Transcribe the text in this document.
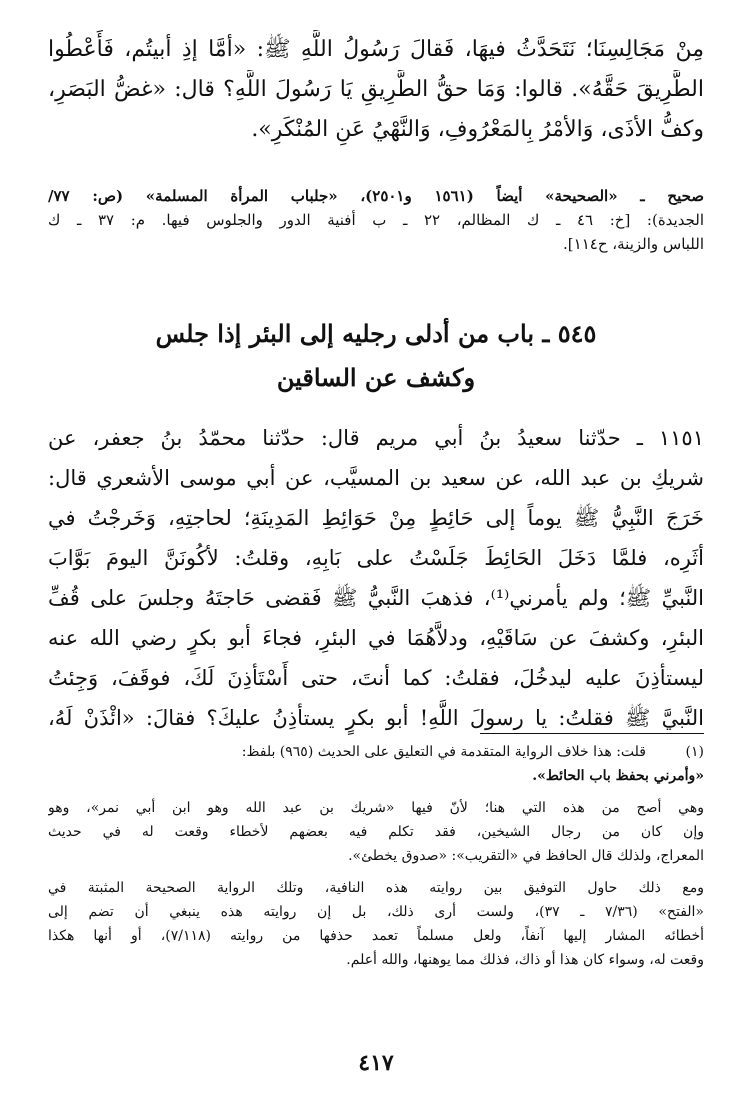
مِنْ مَجَالِسِنَا؛ نَتَحَدَّثُ فيهَا، فَقالَ رَسُولُ اللَّهِ ﷺ: «أمَّا إذِ أبيتُم، فَأَعْطُوا
الطَّرِيقَ حَقَّهُ». قالوا: وَمَا حقُّ الطَّرِيقِ يَا رَسُولَ اللَّهِ؟ قال: «غضُّ البَصَرِ،
وكفُّ الأذَى، وَالأمْرُ بِالمَعْرُوفِ، وَالنَّهْيُ عَنِ المُنْكَرِ».
صحيح ـ «الصحيحة» أيضاً (١٥٦١ و٢٥٠١)، «جلباب المرأة المسلمة» (ص: ٧٧/
الجديدة): [خ: ٤٦ ـ ك المظالم، ٢٢ ـ ب أفنية الدور والجلوس فيها. م: ٣٧ ـ ك
اللباس والزينة، ح١١٤].
٥٤٥ ـ باب من أدلى رجليه إلى البئر إذا جلس
وكشف عن الساقين
١١٥١ ـ حدّثنا سعيدُ بنُ أبي مريم قال: حدّثنا محمّدُ بنُ جعفر، عن
شريكِ بن عبد الله، عن سعيد بن المسيَّب، عن أبي موسى الأشعري قال:
خَرَجَ النَّبِيُّ ﷺ يوماً إلى حَائِطٍ مِنْ حَوَائِطِ المَدِينَةِ؛ لحاجتِهِ، وَخَرجْتُ في
أثَرِه، فلمَّا دَخَلَ الحَائِطَ جَلَسْتُ على بَابِهِ، وقلتُ: لأكُونَنَّ اليومَ بَوَّابَ
النَّبيِّ ﷺ؛ ولم يأمرني⁽¹⁾، فذهبَ النَّبيُّ ﷺ فَقضى حَاجتَهُ وجلسَ على قُفِّ
البئرِ، وكشفَ عن سَاقَيْهِ، ودلاَّهُمَا في البئرِ، فجاءَ أبو بكرٍ رضي الله عنه
ليستأذِنَ عليه ليدخُلَ، فقلتُ: كما أنتَ، حتى أَسْتَأذِنَ لَكَ، فوقَفَ، وَجِئتُ
النَّبيَّ ﷺ فقلتُ: يا رسولَ اللَّهِ! أبو بكرٍ يستأذِنُ عليكَ؟ فقالَ: «ائْذَنْ لَهُ،
(١)
قلت: هذا خلاف الرواية المتقدمة في التعليق على الحديث (٩٦٥) بلفظ:
«وأمرني بحفظ باب الحائط».
وهي أصح من هذه التي هنا؛ لأنّ فيها «شريك بن عبد الله وهو ابن أبي نمر»، وهو
وإن كان من رجال الشيخين، فقد تكلم فيه بعضهم لأخطاء وقعت له في حديث
المعراج، ولذلك قال الحافظ في «التقريب»: «صدوق يخطئ».
ومع ذلك حاول التوفيق بين روايته هذه النافية، وتلك الرواية الصحيحة المثبتة في
«الفتح» (٧/٣٦ ـ ٣٧)، ولست أرى ذلك، بل إن روايته هذه ينبغي أن تضم إلى
أخطائه المشار إليها آنفاً، ولعل مسلماً تعمد حذفها من روايته (٧/١١٨)، أو أنها هكذا
وقعت له، وسواء كان هذا أو ذاك، فذلك مما يوهنها، والله أعلم.
٤١٧
